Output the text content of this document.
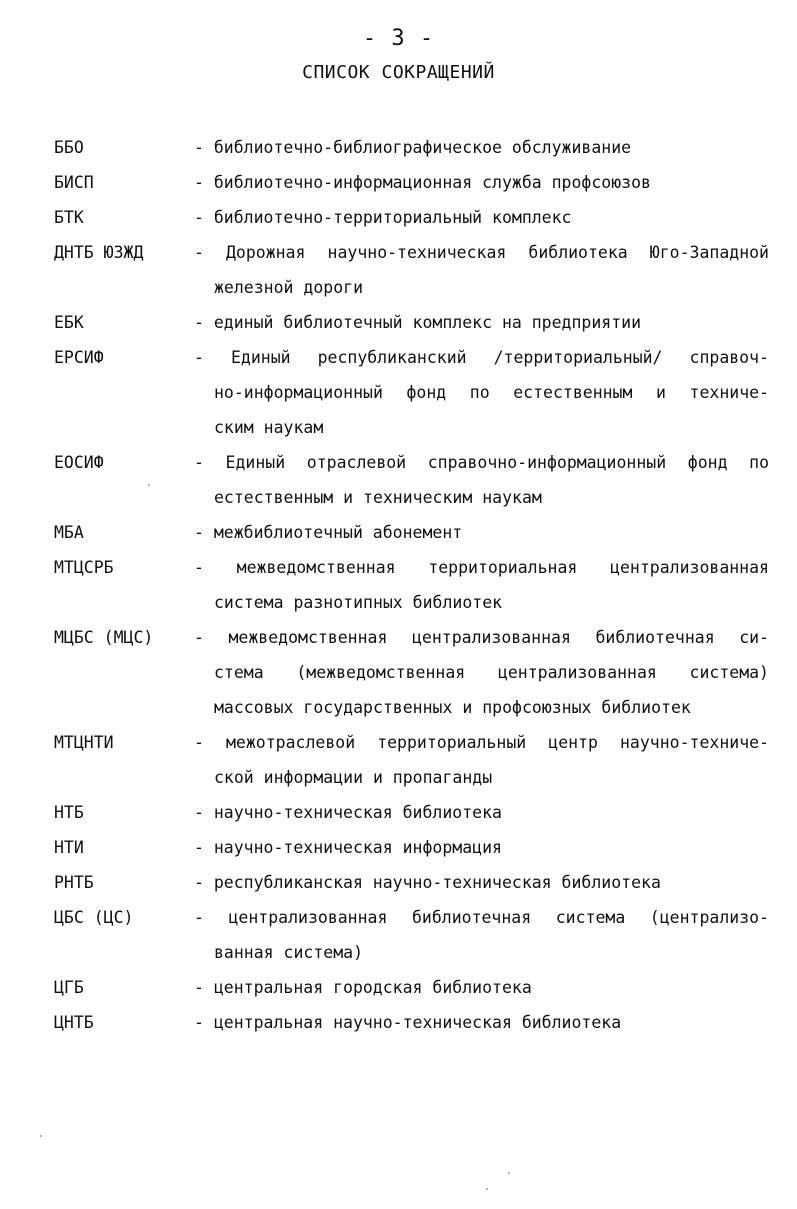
- 3 -
СПИСОК СОКРАЩЕНИЙ
ББО	- библиотечно-библиографическое обслуживание
БИСП	- библиотечно-информационная служба профсоюзов
БТК	- библиотечно-территориальный комплекс
ДНТБ ЮЗЖД	- Дорожная научно-техническая библиотека Юго-Западной
железной дороги
ЕБК	- единый библиотечный комплекс на предприятии
ЕРСИФ	- Единый республиканский /территориальный/ справоч-
но-информационный фонд по естественным и техниче-
ским наукам
ЕОСИФ	- Единый отраслевой справочно-информационный фонд по
естественным и техническим наукам
МБА	- межбиблиотечный абонемент
МТЦСРБ	- межведомственная территориальная централизованная
система разнотипных библиотек
МЦБС (МЦС) - межведомственная централизованная библиотечная си-
стема (межведомственная централизованная система)
массовых государственных и профсоюзных библиотек
МТЦНТИ	- межотраслевой территориальный центр научно-техниче-
ской информации и пропаганды
НТБ	- научно-техническая библиотека
НТИ	- научно-техническая информация
РНТБ	- республиканская научно-техническая библиотека
ЦБС (ЦС)	- централизованная библиотечная система (централизо-
ванная система)
ЦГБ	- центральная городская библиотека
ЦНТБ	- центральная научно-техническая библиотека
